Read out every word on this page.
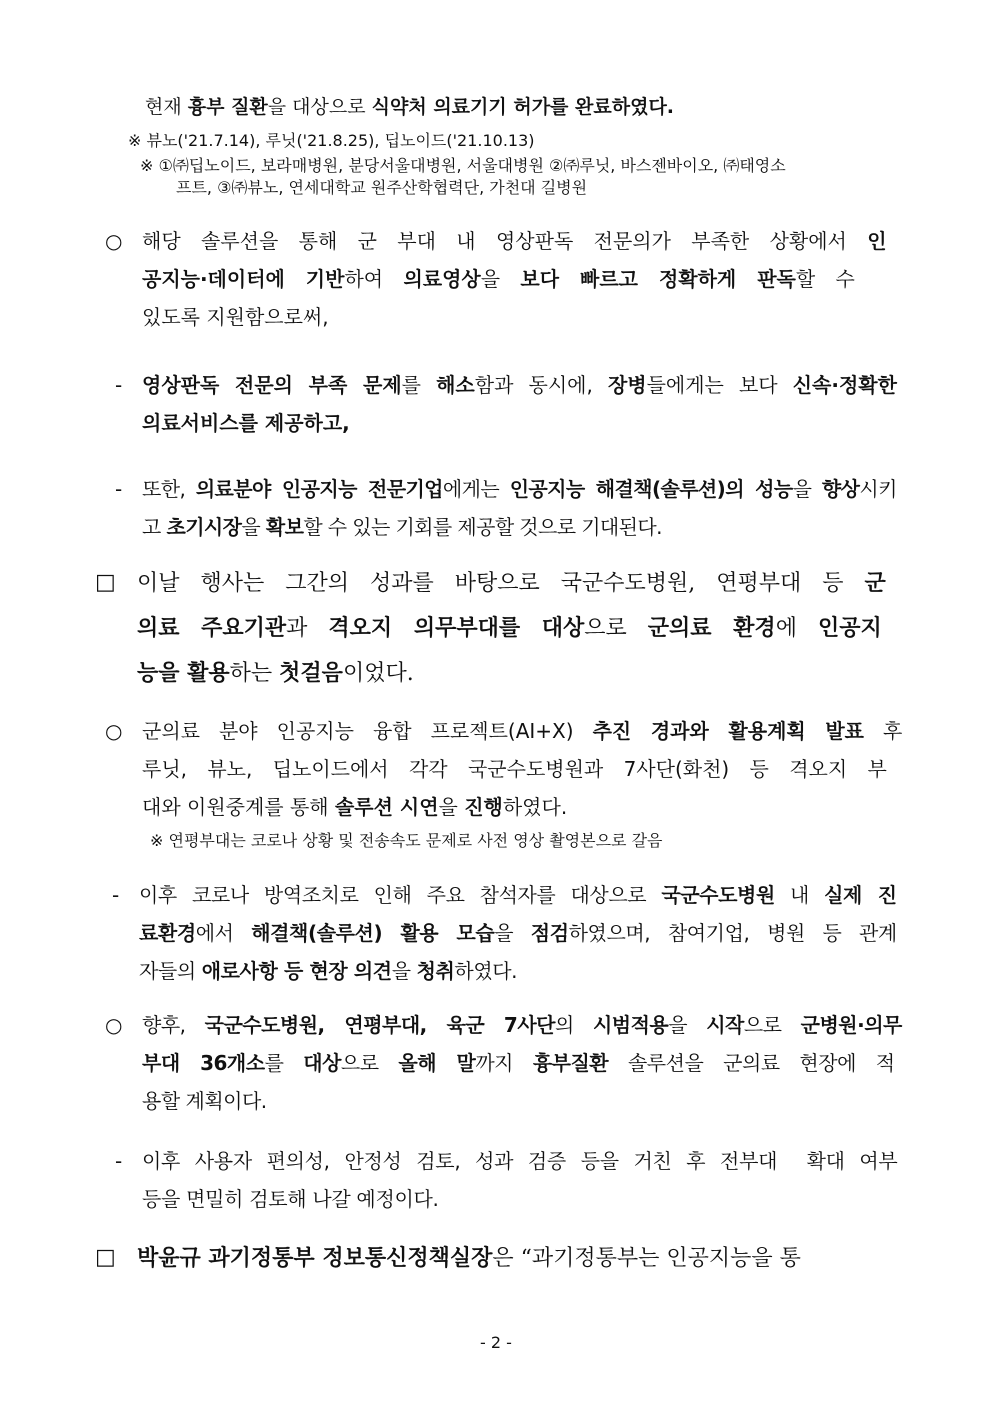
현재 흉부 질환을 대상으로 식약처 의료기기 허가를 완료하였다.
※ 뷰노('21.7.14), 루닛('21.8.25), 딥노이드('21.10.13)
※ ①㈜딥노이드, 보라매병원, 분당서울대병원, 서울대병원 ②㈜루닛, 바스젠바이오, ㈜태영소
프트, ③㈜뷰노, 연세대학교 원주산학협력단, 가천대 길병원
○ 해당 솔루션을 통해 군 부대 내 영상판독 전문의가 부족한 상황에서 인
공지능·데이터에 기반하여 의료영상을 보다 빠르고 정확하게 판독할 수
있도록 지원함으로써,
- 영상판독 전문의 부족 문제를 해소함과 동시에, 장병들에게는 보다 신속·정확한
의료서비스를 제공하고,
- 또한, 의료분야 인공지능 전문기업에게는 인공지능 해결책(솔루션)의 성능을 향상시키
고 초기시장을 확보할 수 있는 기회를 제공할 것으로 기대된다.
□ 이날 행사는 그간의 성과를 바탕으로 국군수도병원, 연평부대 등 군
의료 주요기관과 격오지 의무부대를 대상으로 군의료 환경에 인공지
능을 활용하는 첫걸음이었다.
○ 군의료 분야 인공지능 융합 프로젝트(AI+X) 추진 경과와 활용계획 발표 후
루닛, 뷰노, 딥노이드에서 각각 국군수도병원과 7사단(화천) 등 격오지 부
대와 이원중계를 통해 솔루션 시연을 진행하였다.
※ 연평부대는 코로나 상황 및 전송속도 문제로 사전 영상 촬영본으로 갈음
- 이후 코로나 방역조치로 인해 주요 참석자를 대상으로 국군수도병원 내 실제 진
료환경에서 해결책(솔루션) 활용 모습을 점검하였으며, 참여기업, 병원 등 관계
자들의 애로사항 등 현장 의견을 청취하였다.
○ 향후, 국군수도병원, 연평부대, 육군 7사단의 시범적용을 시작으로 군병원·의무
부대 36개소를 대상으로 올해 말까지 흉부질환 솔루션을 군의료 현장에 적
용할 계획이다.
- 이후 사용자 편의성, 안정성 검토, 성과 검증 등을 거친 후 전부대  확대 여부
등을 면밀히 검토해 나갈 예정이다.
□ 박윤규 과기정통부 정보통신정책실장은 “과기정통부는 인공지능을 통
- 2 -
